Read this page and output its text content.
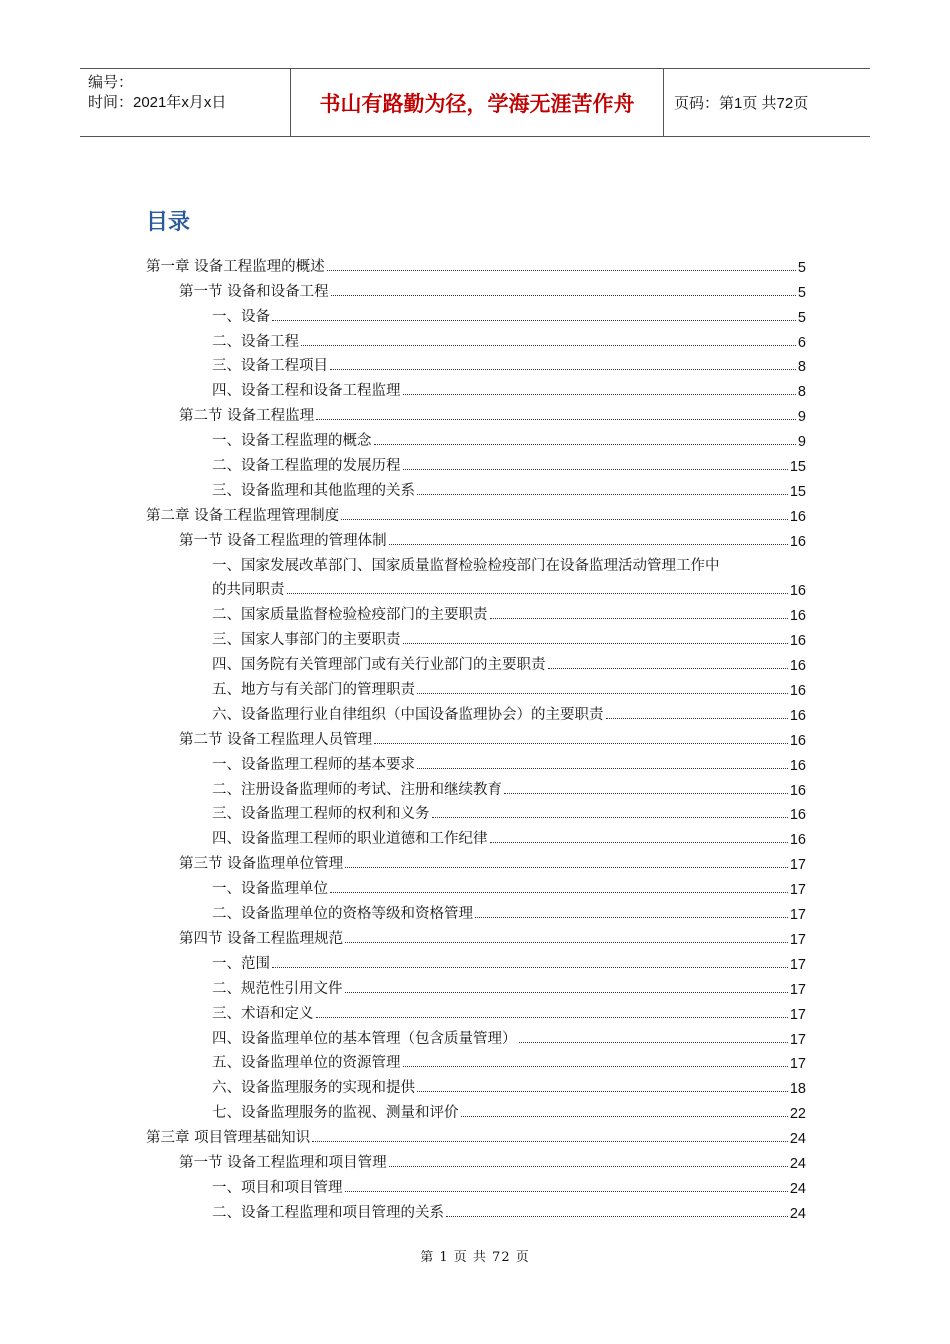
编号：
时间：2021年x月x日	书山有路勤为径，学海无涯苦作舟	页码：第1页 共72页
目录
第一章 设备工程监理的概述	5
第一节 设备和设备工程	5
一、设备	5
二、设备工程	6
三、设备工程项目	8
四、设备工程和设备工程监理	8
第二节 设备工程监理	9
一、设备工程监理的概念	9
二、设备工程监理的发展历程	15
三、设备监理和其他监理的关系	15
第二章 设备工程监理管理制度	16
第一节 设备工程监理的管理体制	16
一、国家发展改革部门、国家质量监督检验检疫部门在设备监理活动管理工作中
的共同职责	16
二、国家质量监督检验检疫部门的主要职责	16
三、国家人事部门的主要职责	16
四、国务院有关管理部门或有关行业部门的主要职责	16
五、地方与有关部门的管理职责	16
六、设备监理行业自律组织（中国设备监理协会）的主要职责	16
第二节 设备工程监理人员管理	16
一、设备监理工程师的基本要求	16
二、注册设备监理师的考试、注册和继续教育	16
三、设备监理工程师的权利和义务	16
四、设备监理工程师的职业道德和工作纪律	16
第三节 设备监理单位管理	17
一、设备监理单位	17
二、设备监理单位的资格等级和资格管理	17
第四节 设备工程监理规范	17
一、范围	17
二、规范性引用文件	17
三、术语和定义	17
四、设备监理单位的基本管理（包含质量管理）	17
五、设备监理单位的资源管理	17
六、设备监理服务的实现和提供	18
七、设备监理服务的监视、测量和评价	22
第三章 项目管理基础知识	24
第一节 设备工程监理和项目管理	24
一、项目和项目管理	24
二、设备工程监理和项目管理的关系	24
第 1 页 共 72 页
